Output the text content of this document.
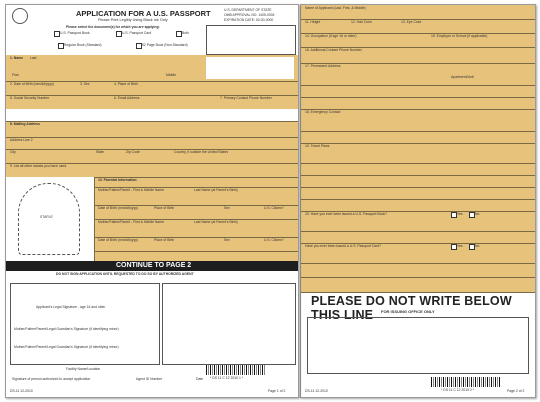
Name of Applicant (Last, First, & Middle)
11. Height	12. Hair Color	13. Eye Color
14. Occupation (if age 16 or older)	15. Employer or School (if applicable)
16. Additional Contact Phone Number
17. Permanent Address
Apartment/Unit
18. Emergency Contact
19. Travel Plans
20. Have you ever been issued a U.S. Passport Book?	Yes	No
Have you ever been issued a U.S. Passport Card?	Yes	No
PLEASE DO NOT WRITE BELOW THIS LINE	FOR ISSUING OFFICE ONLY
* DS 11 C 12 2010 2 *
DS-11 12-2010	Page 2 of 2
APPLICATION FOR A U.S. PASSPORT
Please Print Legibly Using Black Ink Only
U.S. DEPARTMENT OF STATE
OMB APPROVAL NO. 1405-0004
EXPIRATION DATE: 00-00-0000
Please select the document(s) for which you are applying:
U.S. Passport Book	U.S. Passport Card	Both
Regular Book (Standard)	52 Page Book (Non-Standard)
1. Name Last
First	Middle
2. Date of Birth (mm/dd/yyyy)	3. Sex	4. Place of Birth
5. Social Security Number	6. Email Address	7. Primary Contact Phone Number
8. Mailing Address
Address Line 2
City	State	Zip Code	Country, if outside the United States
9. List all other names you have used.
STAPLE
10. Parental Information
Mother/Father/Parent - First & Middle Name	Last Name (at Parent's Birth)
Date of Birth (mm/dd/yyyy)	Place of Birth	Sex	U.S. Citizen?
Mother/Father/Parent - First & Middle Name	Last Name (at Parent's Birth)
Date of Birth (mm/dd/yyyy)	Place of Birth	Sex	U.S. Citizen?
CONTINUE TO PAGE 2
DO NOT SIGN APPLICATION UNTIL REQUESTED TO DO SO BY AUTHORIZED AGENT
Applicant's Legal Signature - age 16 and older
Mother/Father/Parent/Legal Guardian's Signature (if identifying minor)
Mother/Father/Parent/Legal Guardian's Signature (if identifying minor)
Facility Name/Location
Signature of person authorized to accept application	Agent ID Number	Date * DS 11 C 12 2010 1 *
DS-11 12-2010	Page 1 of 2
